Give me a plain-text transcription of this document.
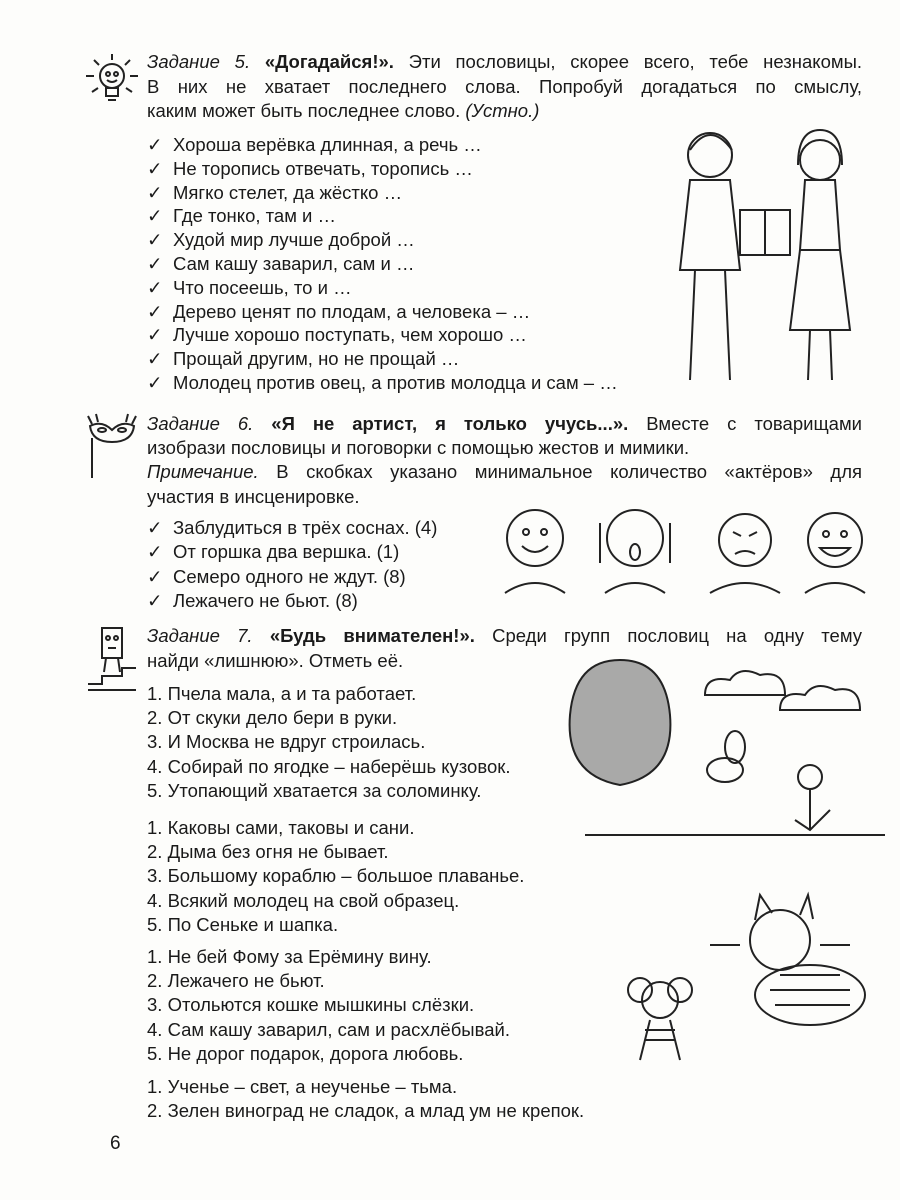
Задание 5. «Догадайся!». Эти пословицы, скорее всего, тебе незнакомы.
В них не хватает последнего слова. Попробуй догадаться по смыслу,
каким может быть последнее слово. (Устно.)
✓ Хороша верёвка длинная, а речь …
✓ Не торопись отвечать, торопись …
✓ Мягко стелет, да жёстко …
✓ Где тонко, там и …
✓ Худой мир лучше доброй …
✓ Сам кашу заварил, сам и …
✓ Что посеешь, то и …
✓ Дерево ценят по плодам, а человека – …
✓ Лучше хорошо поступать, чем хорошо …
✓ Прощай другим, но не прощай …
✓ Молодец против овец, а против молодца и сам – …
Задание 6. «Я не артист, я только учусь...». Вместе с товарищами
изобрази пословицы и поговорки с помощью жестов и мимики.
Примечание. В скобках указано минимальное количество «актёров» для
участия в инсценировке.
✓ Заблудиться в трёх соснах. (4)
✓ От горшка два вершка. (1)
✓ Семеро одного не ждут. (8)
✓ Лежачего не бьют. (8)
Задание 7. «Будь внимателен!». Среди групп пословиц на одну тему
найди «лишнюю». Отметь её.
1. Пчела мала, а и та работает.
2. От скуки дело бери в руки.
3. И Москва не вдруг строилась.
4. Собирай по ягодке – наберёшь кузовок.
5. Утопающий хватается за соломинку.
1. Каковы сами, таковы и сани.
2. Дыма без огня не бывает.
3. Большому кораблю – большое плаванье.
4. Всякий молодец на свой образец.
5. По Сеньке и шапка.
1. Не бей Фому за Ерёмину вину.
2. Лежачего не бьют.
3. Отольются кошке мышкины слёзки.
4. Сам кашу заварил, сам и расхлёбывай.
5. Не дорог подарок, дорога любовь.
1. Ученье – свет, а неученье – тьма.
2. Зелен виноград не сладок, а млад ум не крепок.
6
